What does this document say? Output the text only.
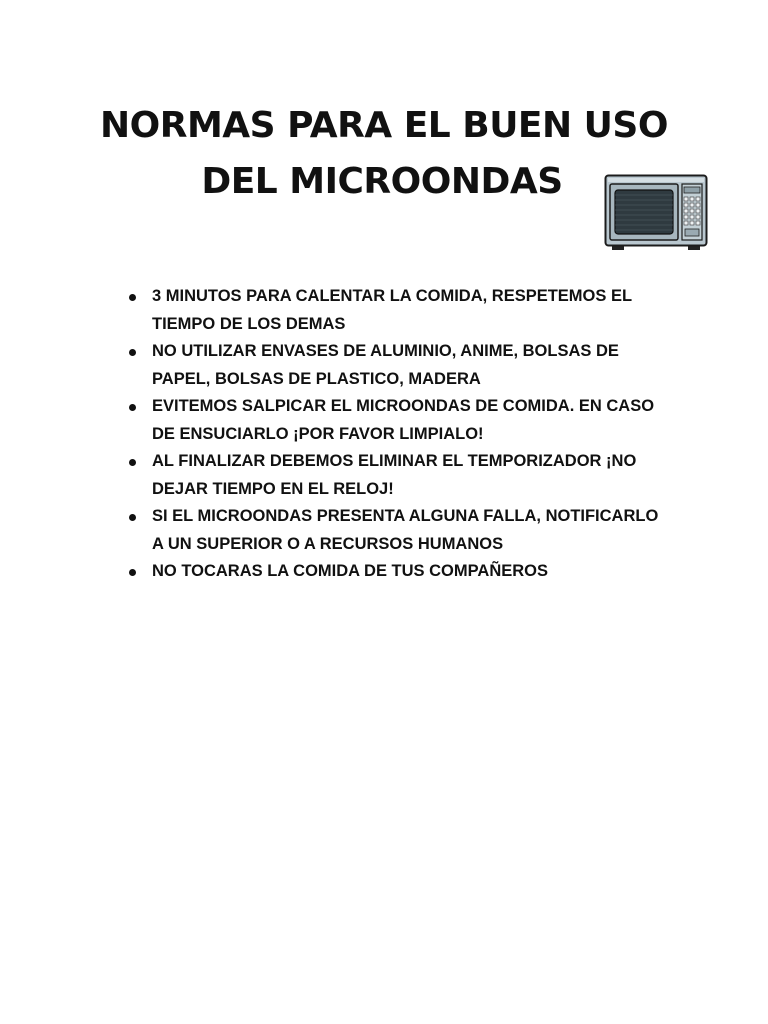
NORMAS PARA EL BUEN USO
DEL MICROONDAS
3 MINUTOS PARA CALENTAR LA COMIDA, RESPETEMOS EL
TIEMPO DE LOS DEMAS
NO UTILIZAR ENVASES DE ALUMINIO, ANIME, BOLSAS DE
PAPEL, BOLSAS DE PLASTICO, MADERA
EVITEMOS SALPICAR EL MICROONDAS DE COMIDA. EN CASO
DE ENSUCIARLO ¡POR FAVOR LIMPIALO!
AL FINALIZAR DEBEMOS ELIMINAR EL TEMPORIZADOR ¡NO
DEJAR TIEMPO EN EL RELOJ!
SI EL MICROONDAS PRESENTA ALGUNA FALLA, NOTIFICARLO
A UN SUPERIOR O A RECURSOS HUMANOS
NO TOCARAS LA COMIDA DE TUS COMPAÑEROS
